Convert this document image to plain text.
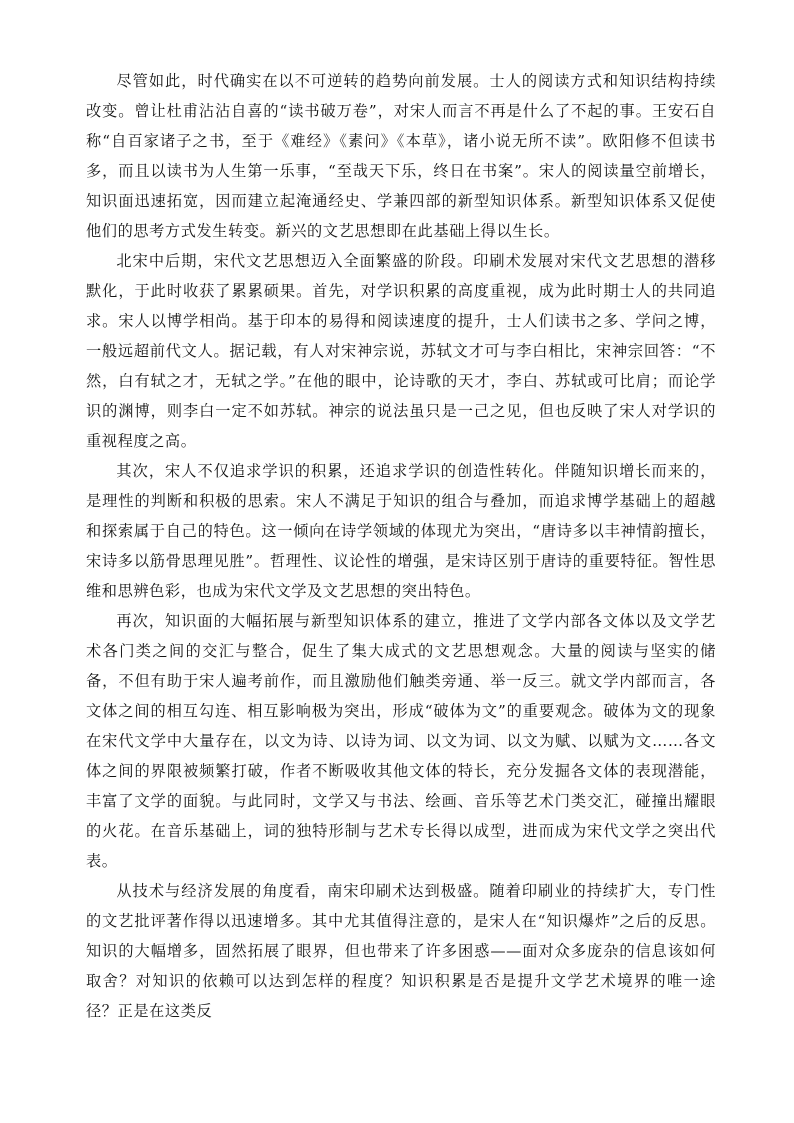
尽管如此，时代确实在以不可逆转的趋势向前发展。士人的阅读方式和知识结构持续改变。曾让杜甫沾沾自喜的“读书破万卷”，对宋人而言不再是什么了不起的事。王安石自称“自百家诸子之书，至于《难经》《素问》《本草》，诸小说无所不读”。欧阳修不但读书多，而且以读书为人生第一乐事，“至哉天下乐，终日在书案”。宋人的阅读量空前增长，知识面迅速拓宽，因而建立起淹通经史、学兼四部的新型知识体系。新型知识体系又促使他们的思考方式发生转变。新兴的文艺思想即在此基础上得以生长。

北宋中后期，宋代文艺思想迈入全面繁盛的阶段。印刷术发展对宋代文艺思想的潜移默化，于此时收获了累累硕果。首先，对学识积累的高度重视，成为此时期士人的共同追求。宋人以博学相尚。基于印本的易得和阅读速度的提升，士人们读书之多、学问之博，一般远超前代文人。据记载，有人对宋神宗说，苏轼文才可与李白相比，宋神宗回答：“不然，白有轼之才，无轼之学。”在他的眼中，论诗歌的天才，李白、苏轼或可比肩；而论学识的渊博，则李白一定不如苏轼。神宗的说法虽只是一己之见，但也反映了宋人对学识的重视程度之高。

其次，宋人不仅追求学识的积累，还追求学识的创造性转化。伴随知识增长而来的，是理性的判断和积极的思索。宋人不满足于知识的组合与叠加，而追求博学基础上的超越和探索属于自己的特色。这一倾向在诗学领域的体现尤为突出，“唐诗多以丰神情韵擅长，宋诗多以筋骨思理见胜”。哲理性、议论性的增强，是宋诗区别于唐诗的重要特征。智性思维和思辨色彩，也成为宋代文学及文艺思想的突出特色。

再次，知识面的大幅拓展与新型知识体系的建立，推进了文学内部各文体以及文学艺术各门类之间的交汇与整合，促生了集大成式的文艺思想观念。大量的阅读与坚实的储备，不但有助于宋人遍考前作，而且激励他们触类旁通、举一反三。就文学内部而言，各文体之间的相互勾连、相互影响极为突出，形成“破体为文”的重要观念。破体为文的现象在宋代文学中大量存在，以文为诗、以诗为词、以文为词、以文为赋、以赋为文……各文体之间的界限被频繁打破，作者不断吸收其他文体的特长，充分发掘各文体的表现潜能，丰富了文学的面貌。与此同时，文学又与书法、绘画、音乐等艺术门类交汇，碰撞出耀眼的火花。在音乐基础上，词的独特形制与艺术专长得以成型，进而成为宋代文学之突出代表。

从技术与经济发展的角度看，南宋印刷术达到极盛。随着印刷业的持续扩大，专门性的文艺批评著作得以迅速增多。其中尤其值得注意的，是宋人在“知识爆炸”之后的反思。知识的大幅增多，固然拓展了眼界，但也带来了许多困惑——面对众多庞杂的信息该如何取舍？对知识的依赖可以达到怎样的程度？知识积累是否是提升文学艺术境界的唯一途径？正是在这类反
